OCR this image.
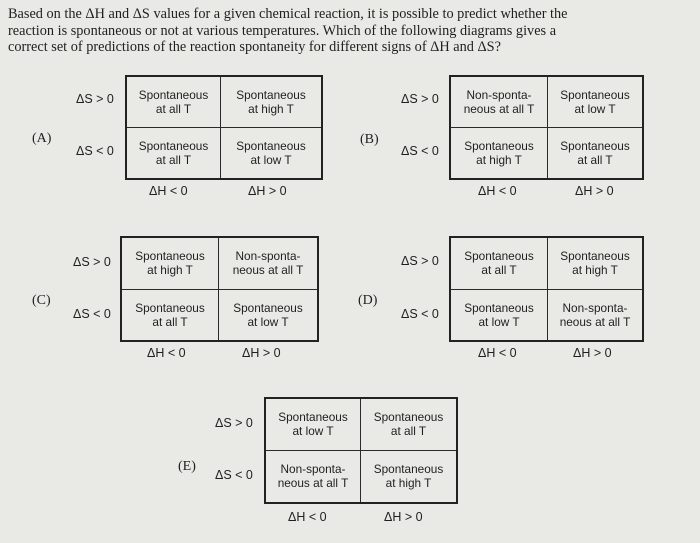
Based on the ΔH and ΔS values for a given chemical reaction, it is possible to predict whether the
reaction is spontaneous or not at various temperatures. Which of the following diagrams gives a
correct set of predictions of the reaction spontaneity for different signs of ΔH and ΔS?

(A)
ΔS > 0
ΔS < 0
Spontaneous
at all T	Spontaneous
at high T

Spontaneous
at all T	Spontaneous
at low T
ΔH < 0	ΔH > 0
(B)
ΔS > 0
ΔS < 0
Non-sponta-
neous at all T	Spontaneous
at low T

Spontaneous
at high T	Spontaneous
at all T
ΔH < 0	ΔH > 0
(C)
ΔS > 0
ΔS < 0
Spontaneous
at high T	Non-sponta-
neous at all T

Spontaneous
at all T	Spontaneous
at low T
ΔH < 0	ΔH > 0
(D)
ΔS > 0
ΔS < 0
Spontaneous
at all T	Spontaneous
at high T

Spontaneous
at low T	Non-sponta-
neous at all T
ΔH < 0	ΔH > 0
(E)
ΔS > 0
ΔS < 0
Spontaneous
at low T	Spontaneous
at all T

Non-sponta-
neous at all T	Spontaneous
at high T
ΔH < 0	ΔH > 0
